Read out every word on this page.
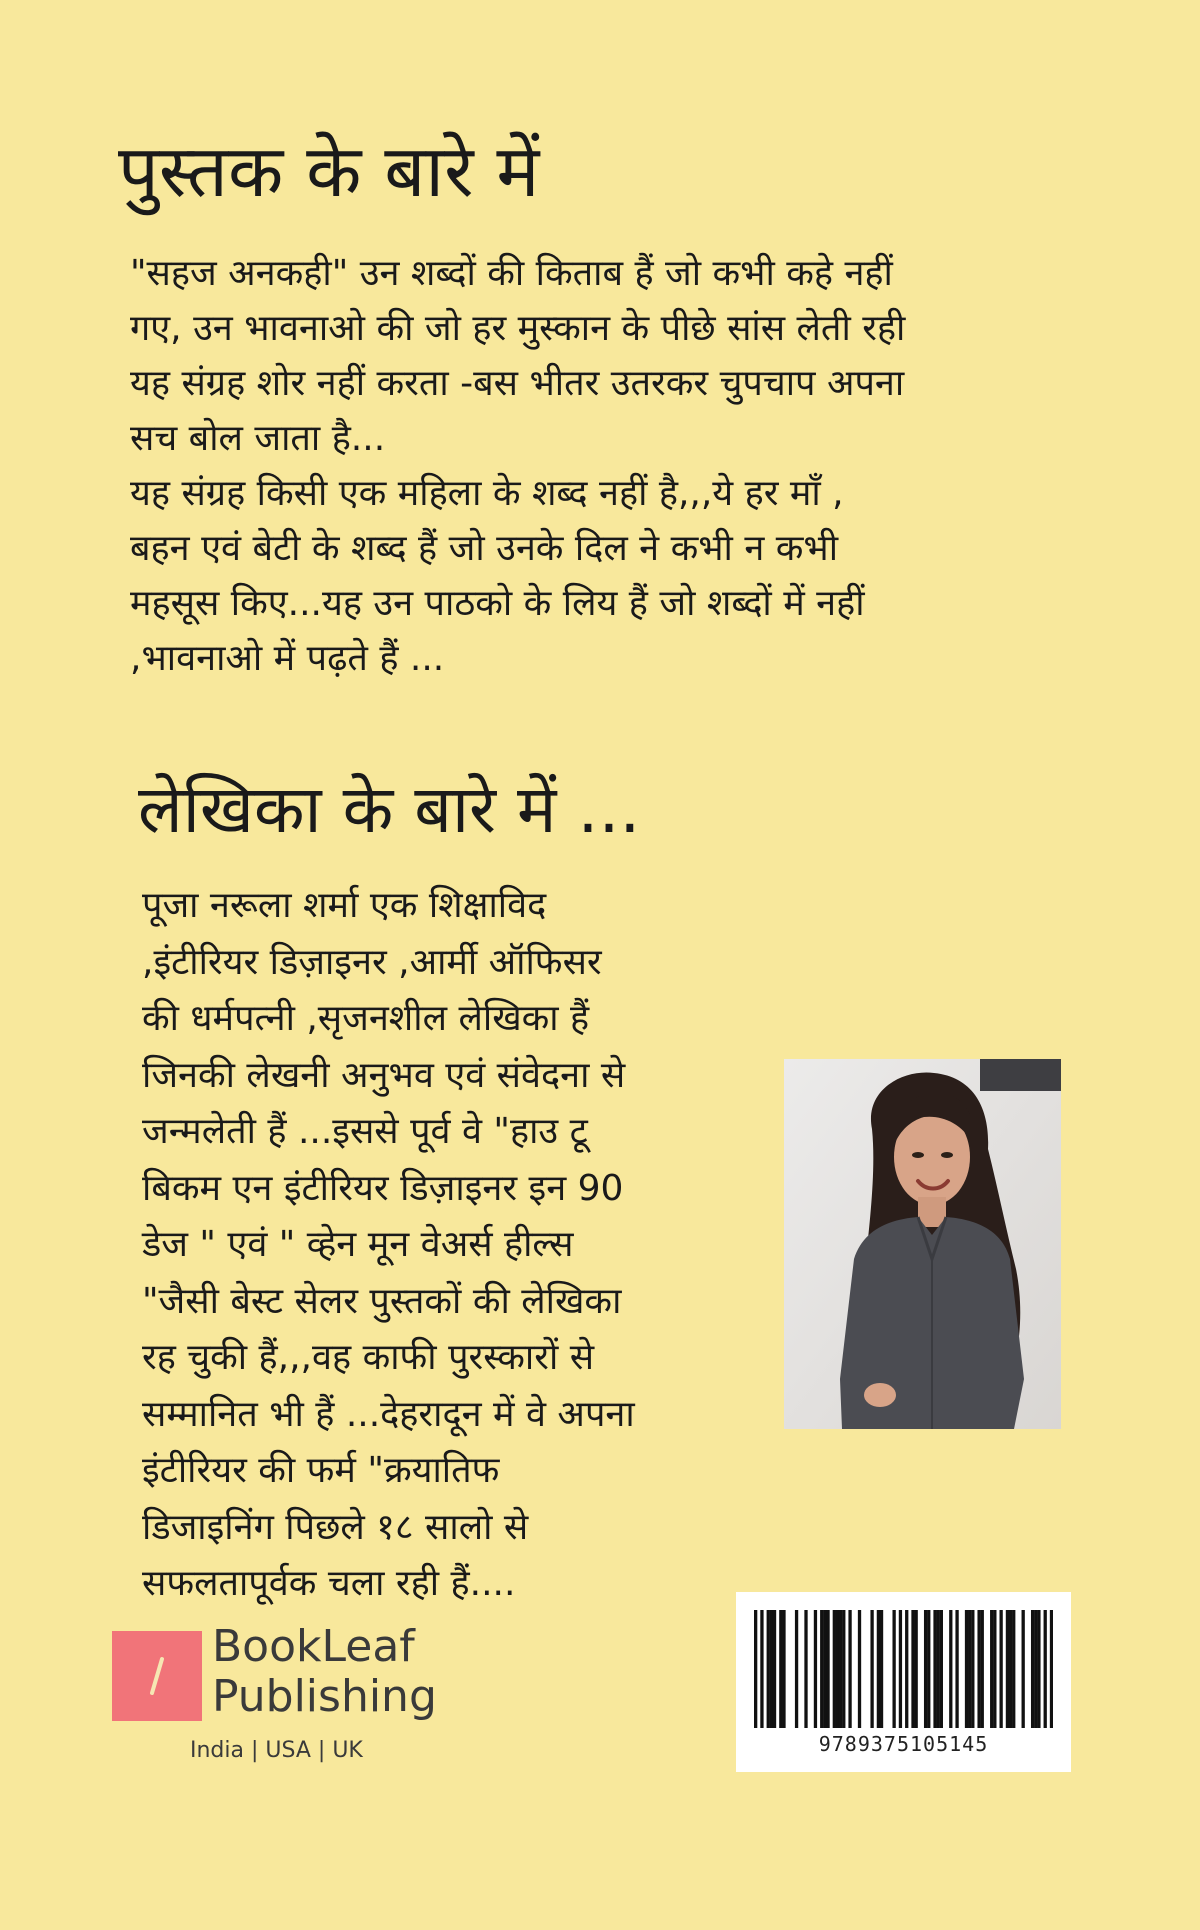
पुस्तक के बारे में
"सहज अनकही" उन शब्दों की किताब हैं जो कभी कहे नहीं
गए, उन भावनाओ की जो हर मुस्कान के पीछे सांस लेती रही
यह संग्रह शोर नहीं करता -बस भीतर उतरकर चुपचाप अपना
सच बोल जाता है...
यह संग्रह किसी एक महिला के शब्द नहीं है,,,ये हर माँ ,
बहन एवं बेटी के शब्द हैं जो उनके दिल ने कभी न कभी
महसूस किए...यह उन पाठको के लिय हैं जो शब्दों में नहीं
,भावनाओ में पढ़ते हैं ...
लेखिका के बारे में ...
पूजा नरूला शर्मा एक शिक्षाविद
,इंटीरियर डिज़ाइनर ,आर्मी ऑफिसर
की धर्मपत्नी ,सृजनशील लेखिका हैं
जिनकी लेखनी अनुभव एवं संवेदना से
जन्मलेती हैं ...इससे पूर्व वे "हाउ टू
बिकम एन इंटीरियर डिज़ाइनर इन 90
डेज " एवं " व्हेन मून वेअर्स हील्स
"जैसी बेस्ट सेलर पुस्तकों की लेखिका
रह चुकी हैं,,,वह काफी पुरस्कारों से
सम्मानित भी हैं ...देहरादून में वे अपना
इंटीरियर की फर्म "क्रयातिफ
डिजाइनिंग पिछले १८ सालो से
सफलतापूर्वक चला रही हैं....
BookLeaf
Publishing
India | USA | UK	9789375105145
